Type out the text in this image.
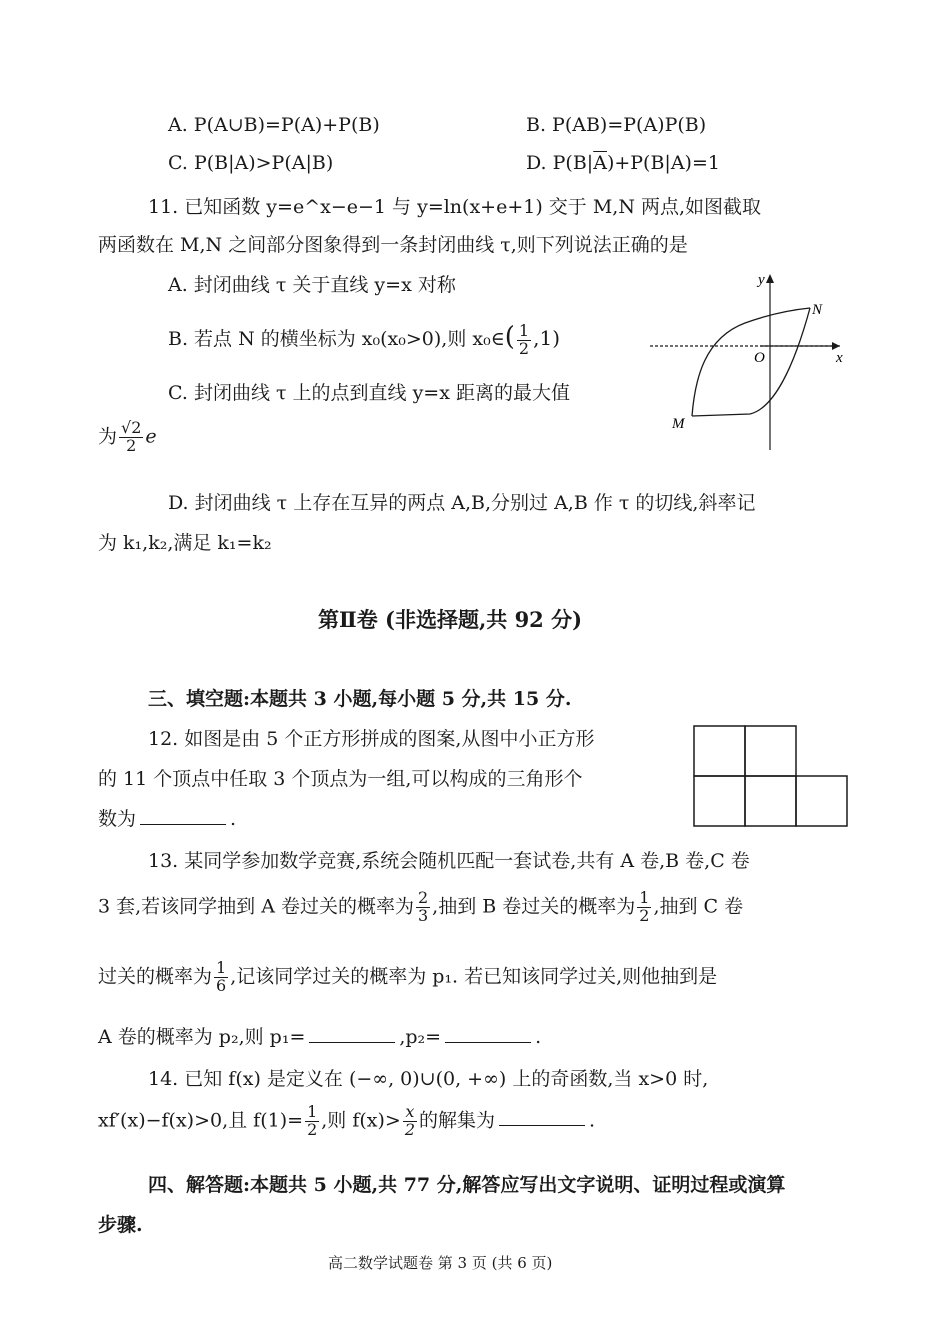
A. P(A∪B)=P(A)+P(B)	B. P(AB)=P(A)P(B)
C. P(B|A)>P(A|B)	D. $P(B|\overline{A})+P(B|A)=1$
11. 已知函数 y=e^x−e−1 与 y=ln(x+e+1) 交于 M,N 两点,如图截取
两函数在 M,N 之间部分图象得到一条封闭曲线 τ,则下列说法正确的是
A. 封闭曲线 τ 关于直线 y=x 对称
B. 若点 N 的横坐标为 x₀(x₀>0),则 x₀∈( $\frac{1}{2} ,1$)
C. 封闭曲线 τ 上的点到直线 y=x 距离的最大值
为 $\frac{√2}{2}$ e
D. 封闭曲线 τ 上存在互异的两点 A,B,分别过 A,B 作 τ 的切线,斜率记
为 k₁,k₂,满足 k₁=k₂
y
x
O
M
N
第Ⅱ卷 (非选择题,共 92 分)
三、填空题:本题共 3 小题,每小题 5 分,共 15 分.
12. 如图是由 5 个正方形拼成的图案,从图中小正方形
的 11 个顶点中任取 3 个顶点为一组,可以构成的三角形个
数为	.
13. 某同学参加数学竞赛,系统会随机匹配一套试卷,共有 A 卷,B 卷,C 卷
3 套,若该同学抽到 A 卷过关的概率为 $\frac{2}{3}$ ,抽到 B 卷过关的概率为 $\frac{1}{2}$ ,抽到 C 卷
过关的概率为 $\frac{1}{6}$ ,记该同学过关的概率为 p₁. 若已知该同学过关,则他抽到是
A 卷的概率为 p₂,则 p₁=	,p₂=	.
14. 已知 f(x) 是定义在 (−∞, 0)∪(0, +∞) 上的奇函数,当 x>0 时,
xf′(x)−f(x)>0,且 $f(1)= \frac{1}{2}$ ,则 $f(x)> \frac{x}{2}$ 的解集为	.
四、解答题:本题共 5 小题,共 77 分,解答应写出文字说明、证明过程或演算
步骤.
高二数学试题卷 第 3 页 (共 6 页)
